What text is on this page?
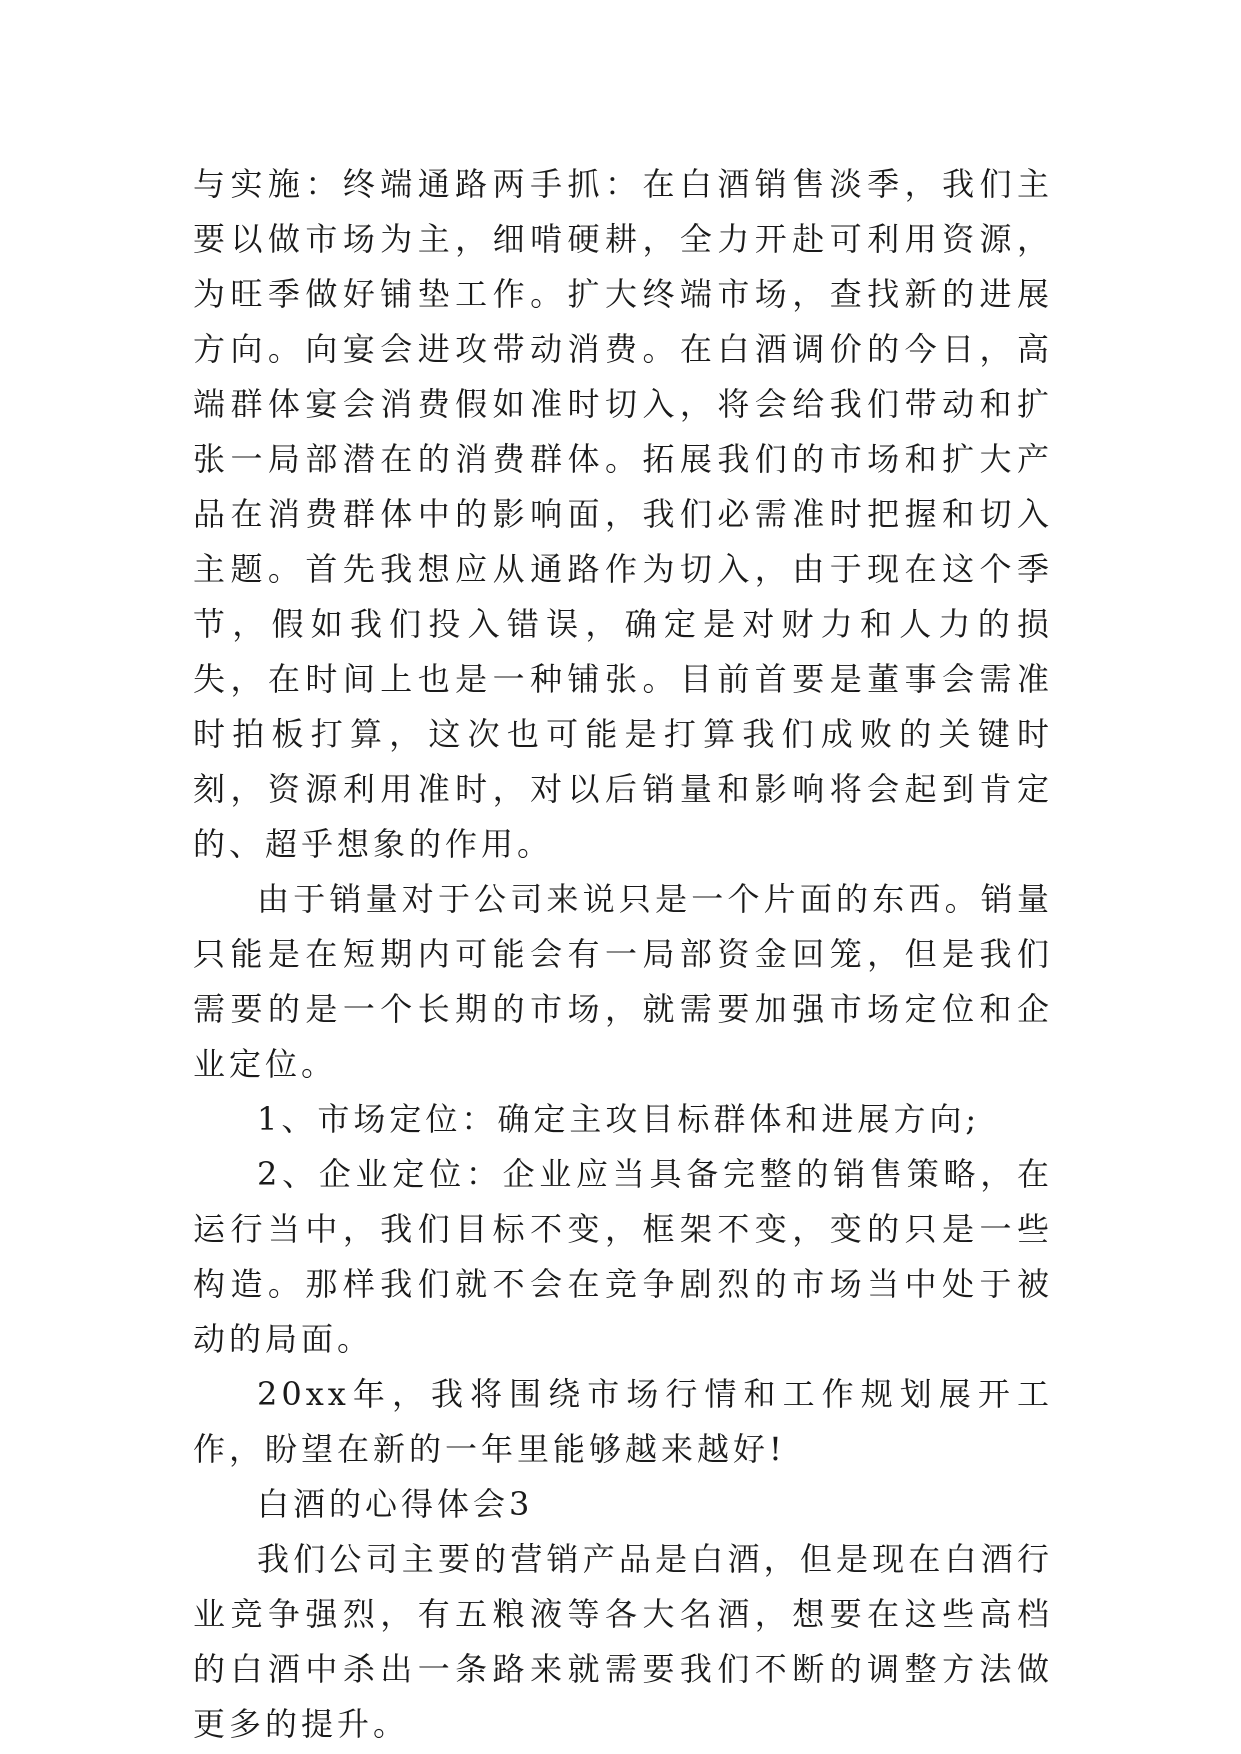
与实施：终端通路两手抓：在白酒销售淡季，我们主要以做市场为主，细啃硬耕，全力开赴可利用资源，为旺季做好铺垫工作。扩大终端市场，查找新的进展方向。向宴会进攻带动消费。在白酒调价的今日，高端群体宴会消费假如准时切入，将会给我们带动和扩张一局部潜在的消费群体。拓展我们的市场和扩大产品在消费群体中的影响面，我们必需准时把握和切入主题。首先我想应从通路作为切入，由于现在这个季节，假如我们投入错误，确定是对财力和人力的损失，在时间上也是一种铺张。目前首要是董事会需准时拍板打算，这次也可能是打算我们成败的关键时刻，资源利用准时，对以后销量和影响将会起到肯定的、超乎想象的作用。

由于销量对于公司来说只是一个片面的东西。销量只能是在短期内可能会有一局部资金回笼，但是我们需要的是一个长期的市场，就需要加强市场定位和企业定位。

1、市场定位：确定主攻目标群体和进展方向;

2、企业定位：企业应当具备完整的销售策略，在运行当中，我们目标不变，框架不变，变的只是一些构造。那样我们就不会在竞争剧烈的市场当中处于被动的局面。

20xx年，我将围绕市场行情和工作规划展开工作，盼望在新的一年里能够越来越好!

白酒的心得体会3

我们公司主要的营销产品是白酒，但是现在白酒行业竞争强烈，有五粮液等各大名酒，想要在这些高档的白酒中杀出一条路来就需要我们不断的调整方法做更多的提升。
